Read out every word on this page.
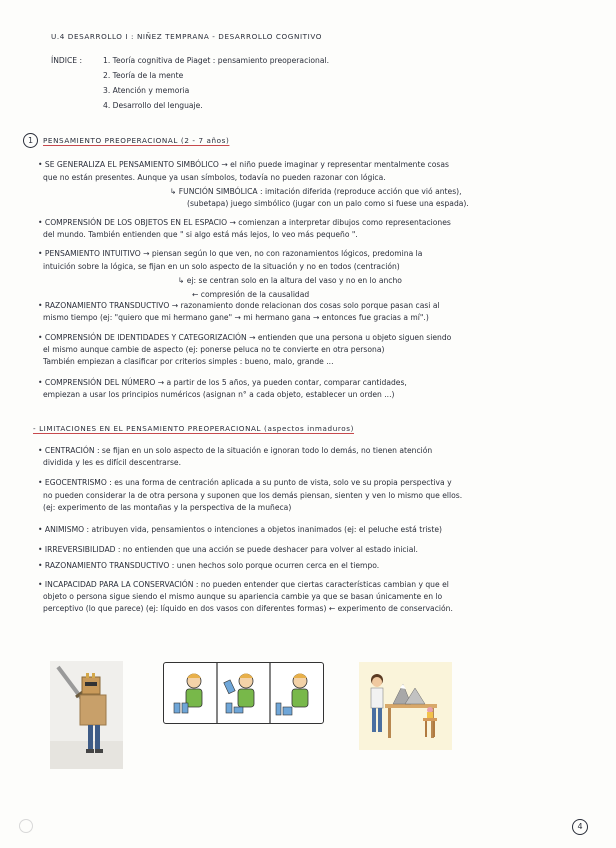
U.4 DESARROLLO I : NIÑEZ TEMPRANA - DESARROLLO COGNITIVO
ÍNDICE :	1. Teoría cognitiva de Piaget : pensamiento preoperacional.
2. Teoría de la mente
3. Atención y memoria
4. Desarrollo del lenguaje.
1	PENSAMIENTO PREOPERACIONAL (2 - 7 años)
• SE GENERALIZA EL PENSAMIENTO SIMBÓLICO → el niño puede imaginar y representar mentalmente cosas
que no están presentes. Aunque ya usan símbolos, todavía no pueden razonar con lógica.
↳ FUNCIÓN SIMBÓLICA : imitación diferida (reproduce acción que vió antes),
(subetapa) juego simbólico (jugar con un palo como si fuese una espada).
• COMPRENSIÓN DE LOS OBJETOS EN EL ESPACIO → comienzan a interpretar dibujos como representaciones
del mundo. También entienden que " si algo está más lejos, lo veo más pequeño ".
• PENSAMIENTO INTUITIVO → piensan según lo que ven, no con razonamientos lógicos, predomina la
intuición sobre la lógica, se fijan en un solo aspecto de la situación y no en todos (centración)
↳ ej: se centran solo en la altura del vaso y no en lo ancho
← compresión de la causalidad
• RAZONAMIENTO TRANSDUCTIVO → razonamiento donde relacionan dos cosas solo porque pasan casi al
mismo tiempo (ej: "quiero que mi hermano gane" → mi hermano gana → entonces fue gracias a mí".)
• COMPRENSIÓN DE IDENTIDADES Y CATEGORIZACIÓN → entienden que una persona u objeto siguen siendo
el mismo aunque cambie de aspecto (ej: ponerse peluca no te convierte en otra persona)
También empiezan a clasificar por criterios simples : bueno, malo, grande ...
• COMPRENSIÓN DEL NÚMERO → a partir de los 5 años, ya pueden contar, comparar cantidades,
empiezan a usar los principios numéricos (asignan n° a cada objeto, establecer un orden ...)
- LIMITACIONES EN EL PENSAMIENTO PREOPERACIONAL (aspectos inmaduros)
• CENTRACIÓN : se fijan en un solo aspecto de la situación e ignoran todo lo demás, no tienen atención
dividida y les es difícil descentrarse.
• EGOCENTRISMO : es una forma de centración aplicada a su punto de vista, solo ve su propia perspectiva y
no pueden considerar la de otra persona y suponen que los demás piensan, sienten y ven lo mismo que ellos.
(ej: experimento de las montañas y la perspectiva de la muñeca)
• ANIMISMO : atribuyen vida, pensamientos o intenciones a objetos inanimados (ej: el peluche está triste)
• IRREVERSIBILIDAD : no entienden que una acción se puede deshacer para volver al estado inicial.
• RAZONAMIENTO TRANSDUCTIVO : unen hechos solo porque ocurren cerca en el tiempo.
• INCAPACIDAD PARA LA CONSERVACIÓN : no pueden entender que ciertas características cambian y que el
objeto o persona sigue siendo el mismo aunque su apariencia cambie ya que se basan únicamente en lo
perceptivo (lo que parece) (ej: líquido en dos vasos con diferentes formas) ← experimento de conservación.
4
